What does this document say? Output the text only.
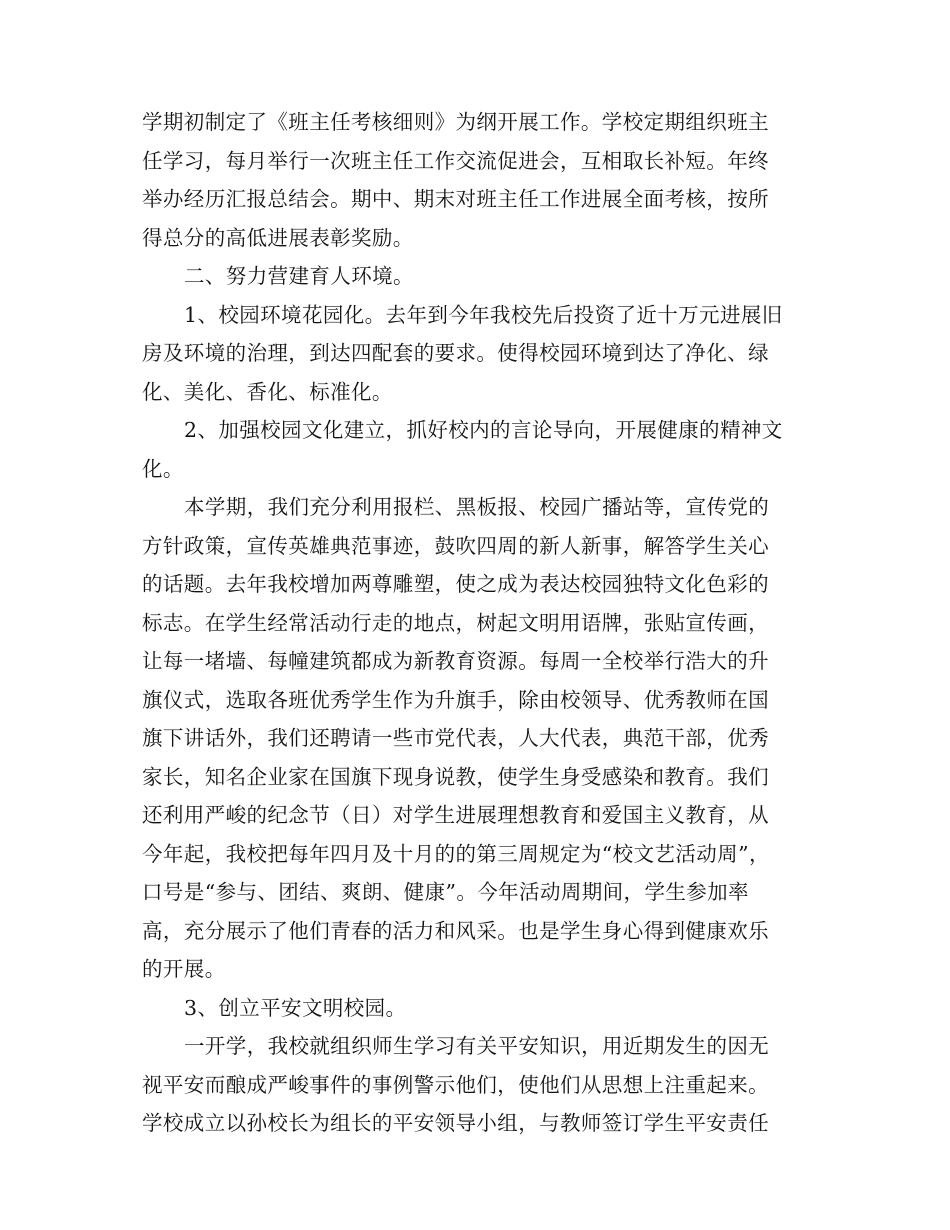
学期初制定了《班主任考核细则》为纲开展工作。学校定期组织班主
任学习，每月举行一次班主任工作交流促进会，互相取长补短。年终
举办经历汇报总结会。期中、期末对班主任工作进展全面考核，按所
得总分的高低进展表彰奖励。
二、努力营建育人环境。
1、校园环境花园化。去年到今年我校先后投资了近十万元进展旧
房及环境的治理，到达四配套的要求。使得校园环境到达了净化、绿
化、美化、香化、标准化。
2、加强校园文化建立，抓好校内的言论导向，开展健康的精神文
化。
本学期，我们充分利用报栏、黑板报、校园广播站等，宣传党的
方针政策，宣传英雄典范事迹，鼓吹四周的新人新事，解答学生关心
的话题。去年我校增加两尊雕塑，使之成为表达校园独特文化色彩的
标志。在学生经常活动行走的地点，树起文明用语牌，张贴宣传画，
让每一堵墙、每幢建筑都成为新教育资源。每周一全校举行浩大的升
旗仪式，选取各班优秀学生作为升旗手，除由校领导、优秀教师在国
旗下讲话外，我们还聘请一些市党代表，人大代表，典范干部，优秀
家长，知名企业家在国旗下现身说教，使学生身受感染和教育。我们
还利用严峻的纪念节（日）对学生进展理想教育和爱国主义教育，从
今年起，我校把每年四月及十月的的第三周规定为“校文艺活动周”，
口号是“参与、团结、爽朗、健康”。今年活动周期间，学生参加率
高，充分展示了他们青春的活力和风采。也是学生身心得到健康欢乐
的开展。
3、创立平安文明校园。
一开学，我校就组织师生学习有关平安知识，用近期发生的因无
视平安而酿成严峻事件的事例警示他们，使他们从思想上注重起来。
学校成立以孙校长为组长的平安领导小组，与教师签订学生平安责任
